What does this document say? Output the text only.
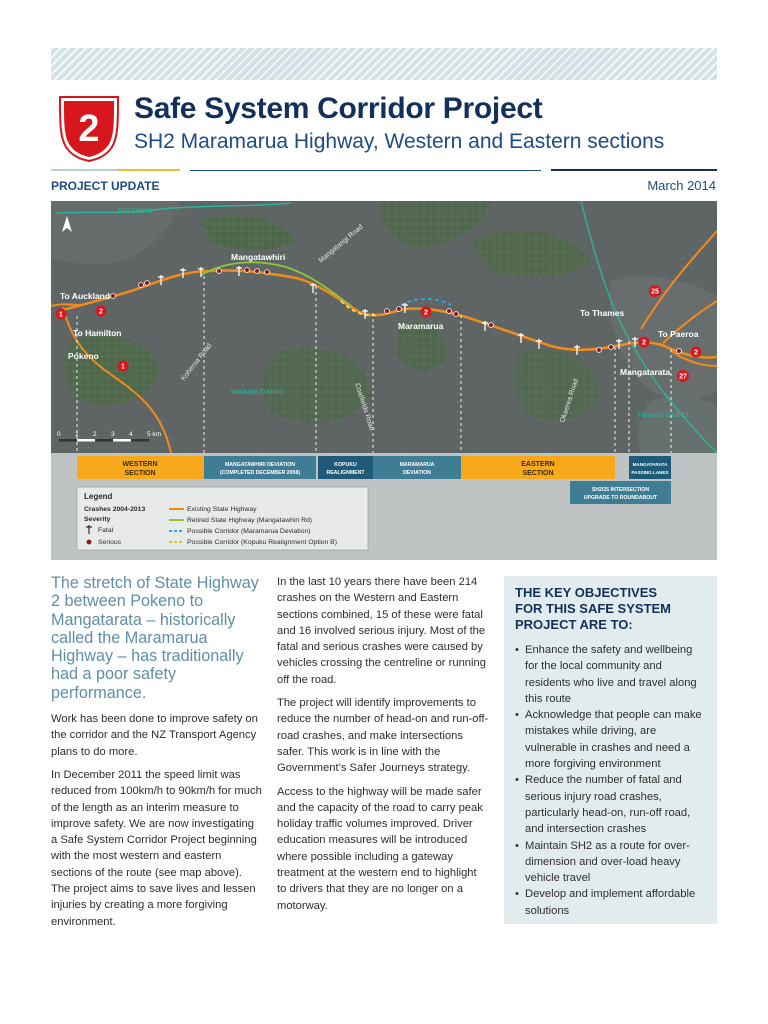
2 Safe System Corridor Project
SH2 Maramarua Highway, Western and Eastern sections
PROJECT UPDATE	March 2014
1	2
1
2
2
2
25
27
Auckland
To Auckland
To Hamilton
Pokeno
Mangatawhiri
Maramarua
To Thames
To Paeroa
Mangatarata
Waikato District
Hauraki District
Mangatangi Road
Koheroa Road
Coalfields Road	Okaerea Road
0 1 2 3 4 5 km
WESTERN
SECTION
MANGATAWHIRI DEVIATION
(COMPLETED DECEMBER 2008)
KOPUKU
REALIGNMENT
MARAMARUA
DEVIATION
EASTERN
SECTION
MANGATARATA
PASSING LANES
SH2/25 INTERSECTION
UPGRADE TO ROUNDABOUT
Legend
Crashes 2004-2013
Severity
Fatal
Serious
Existing State Highway
Retired State Highway (Mangatawhiri Rd)
Possible Corridor (Maramarua Deviation)
Possible Corridor (Kopuku Realignment Option B)
The stretch of State Highway 2 between Pokeno to Mangatarata – historically called the Maramarua Highway – has traditionally had a poor safety performance.

Work has been done to improve safety on the corridor and the NZ Transport Agency plans to do more.

In December 2011 the speed limit was reduced from 100km/h to 90km/h for much of the length as an interim measure to improve safety. We are now investigating a Safe System Corridor Project beginning with the most western and eastern sections of the route (see map above). The project aims to save lives and lessen injuries by creating a more forgiving environment.

In the last 10 years there have been 214 crashes on the Western and Eastern sections combined, 15 of these were fatal and 16 involved serious injury. Most of the fatal and serious crashes were caused by vehicles crossing the centreline or running off the road.

The project will identify improvements to reduce the number of head-on and run-off-road crashes, and make intersections safer. This work is in line with the Government’s Safer Journeys strategy.

Access to the highway will be made safer and the capacity of the road to carry peak holiday traffic volumes improved. Driver education measures will be introduced where possible including a gateway treatment at the western end to highlight to drivers that they are no longer on a motorway.

THE KEY OBJECTIVES
FOR THIS SAFE SYSTEM
PROJECT ARE TO:
• Enhance the safety and wellbeing for the local community and residents who live and travel along this route
• Acknowledge that people can make mistakes while driving, are vulnerable in crashes and need a more forgiving environment
• Reduce the number of fatal and serious injury road crashes, particularly head-on, run-off road, and intersection crashes
• Maintain SH2 as a route for over-dimension and over-load heavy vehicle travel
• Develop and implement affordable solutions
